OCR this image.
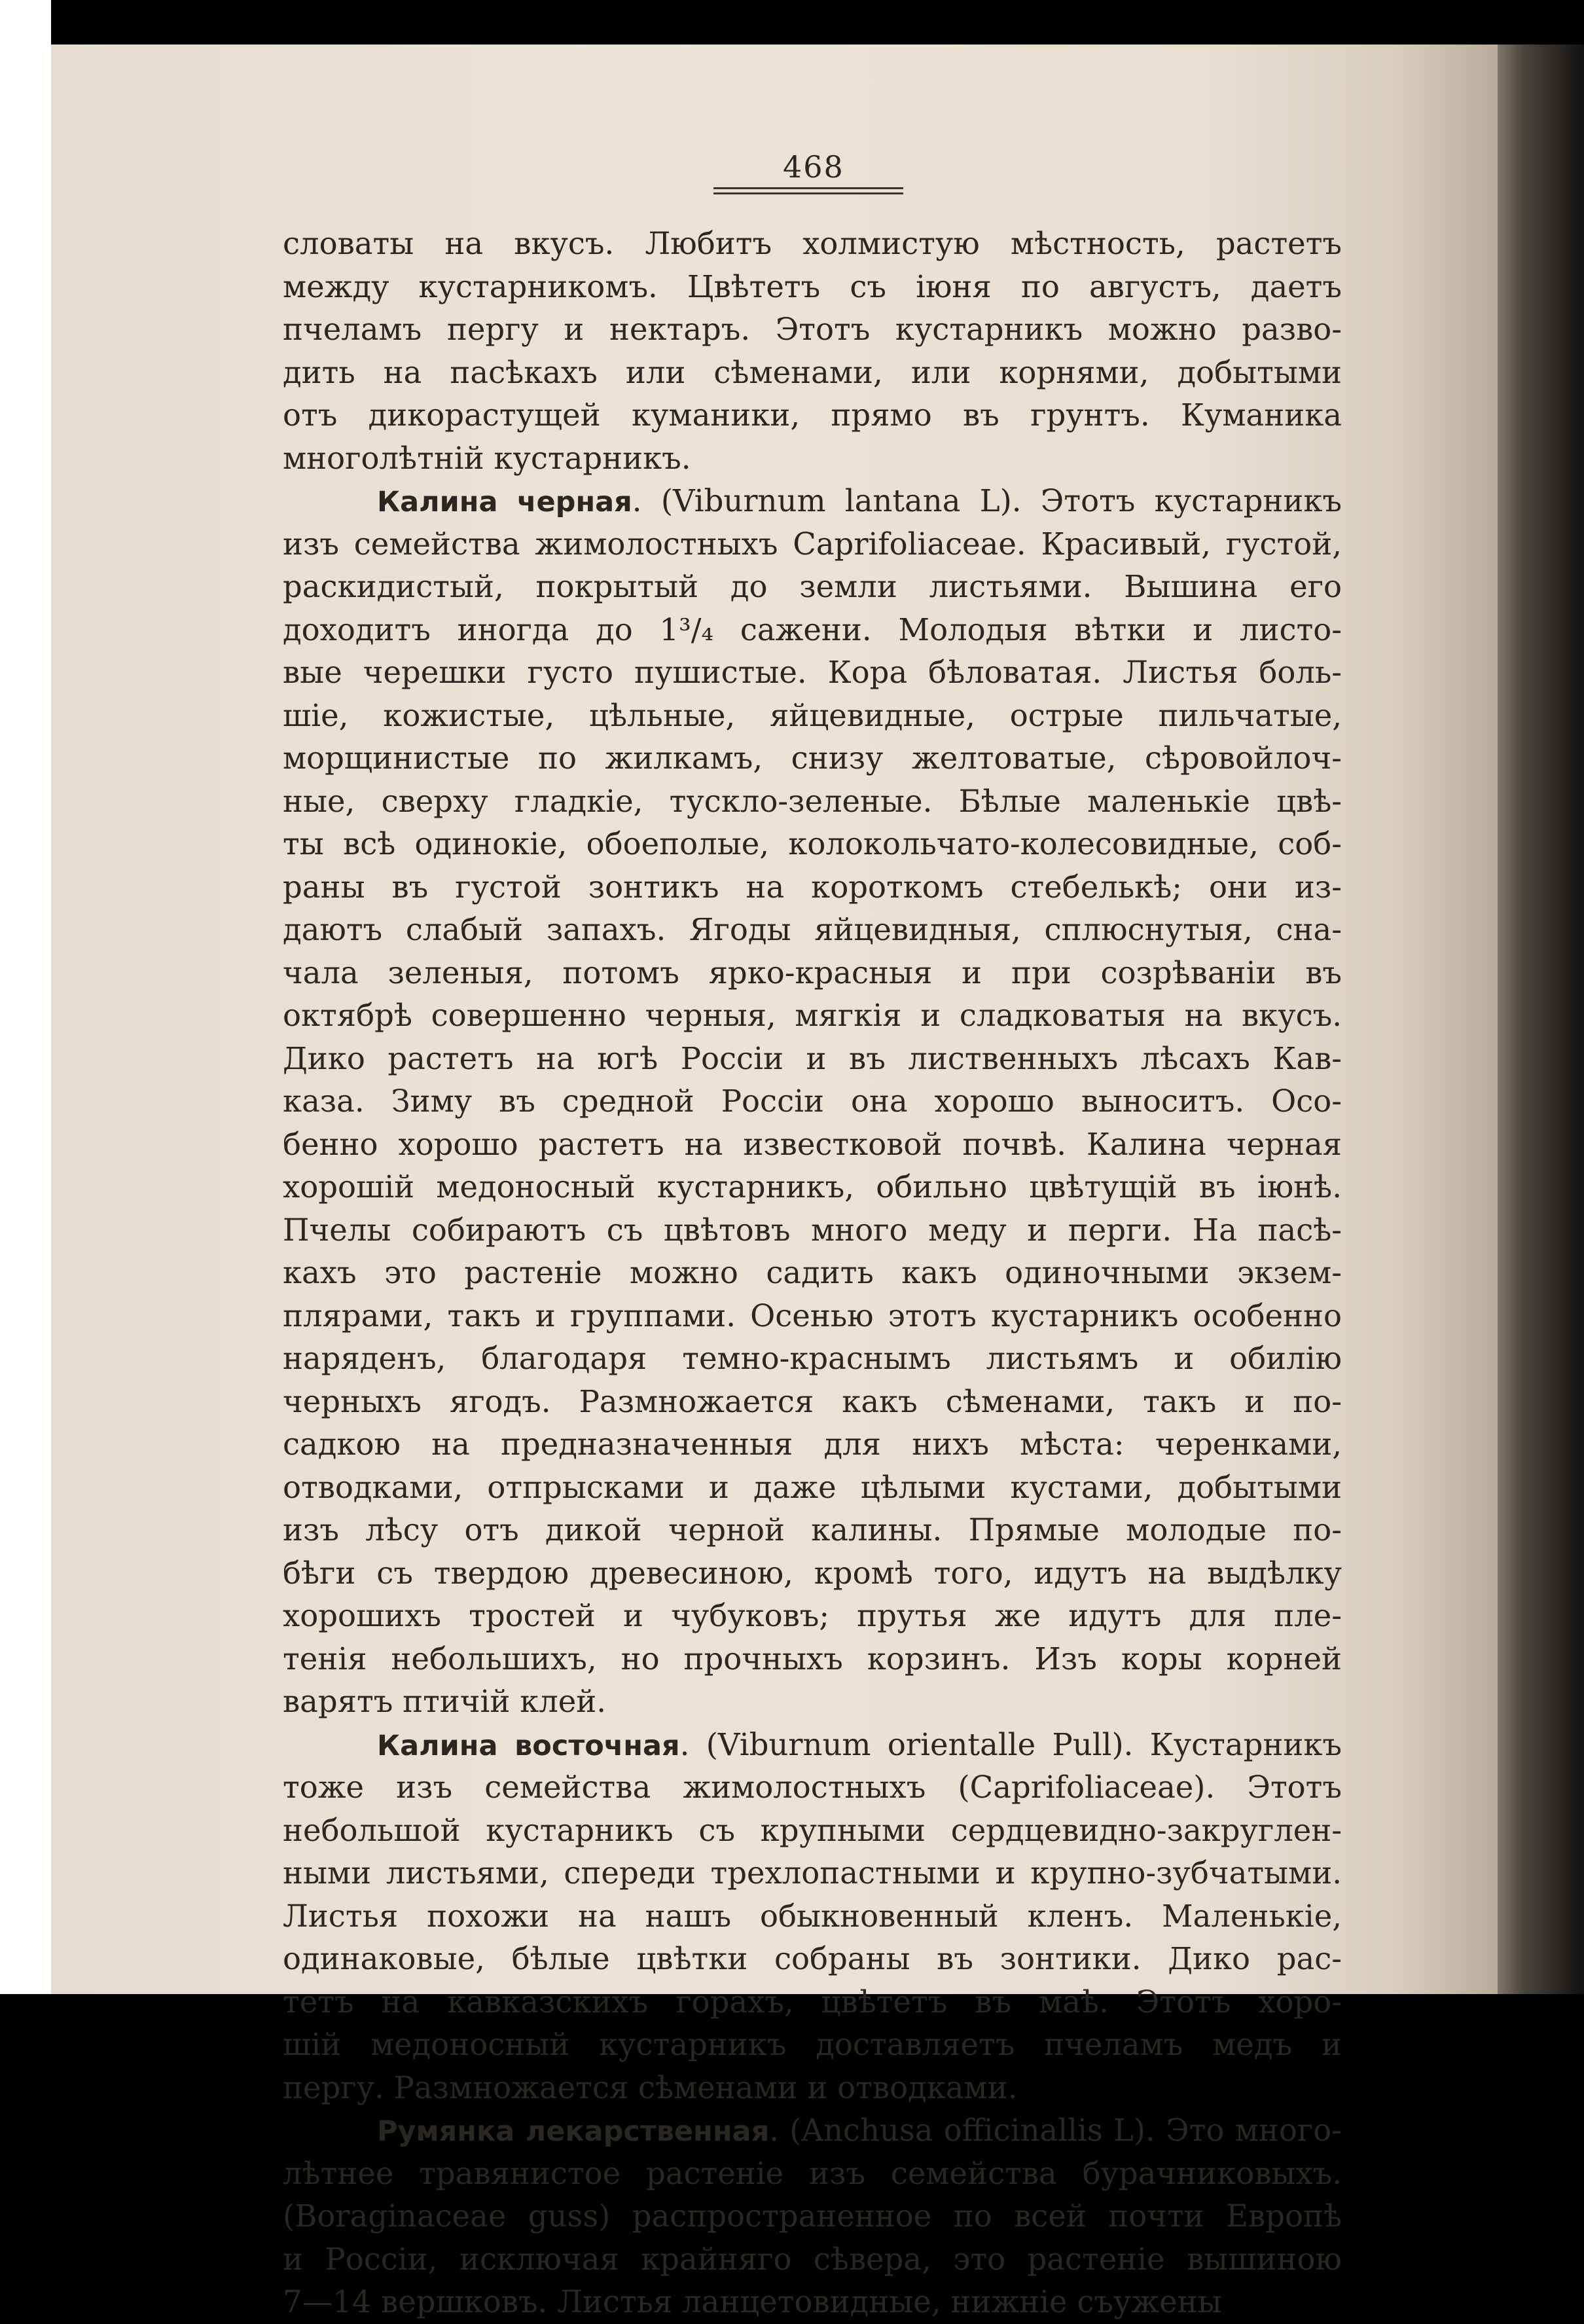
468
словаты на вкусъ. Любитъ холмистую мѣстность, растетъ
между кустарникомъ. Цвѣтетъ съ іюня по августъ, даетъ
пчеламъ пергу и нектаръ. Этотъ кустарникъ можно разво-
дить на пасѣкахъ или сѣменами, или корнями, добытыми
отъ дикорастущей куманики, прямо въ грунтъ. Куманика
многолѣтній кустарникъ.
Калина черная. (Viburnum lantana L). Этотъ кустарникъ
изъ семейства жимолостныхъ Caprifoliaceae. Красивый, густой,
раскидистый, покрытый до земли листьями. Вышина его
доходитъ иногда до 1³/₄ сажени. Молодыя вѣтки и листо-
вые черешки густо пушистые. Кора бѣловатая. Листья боль-
шіе, кожистые, цѣльные, яйцевидные, острые пильчатые,
морщинистые по жилкамъ, снизу желтоватые, сѣровойлоч-
ные, сверху гладкіе, тускло-зеленые. Бѣлые маленькіе цвѣ-
ты всѣ одинокіе, обоеполые, колокольчато-колесовидные, соб-
раны въ густой зонтикъ на короткомъ стебелькѣ; они из-
даютъ слабый запахъ. Ягоды яйцевидныя, сплюснутыя, сна-
чала зеленыя, потомъ ярко-красныя и при созрѣваніи въ
октябрѣ совершенно черныя, мягкія и сладковатыя на вкусъ.
Дико растетъ на югѣ Россіи и въ лиственныхъ лѣсахъ Кав-
каза. Зиму въ средной Россіи она хорошо выноситъ. Осо-
бенно хорошо растетъ на известковой почвѣ. Калина черная
хорошій медоносный кустарникъ, обильно цвѣтущій въ іюнѣ.
Пчелы собираютъ съ цвѣтовъ много меду и перги. На пасѣ-
кахъ это растеніе можно садить какъ одиночными экзем-
плярами, такъ и группами. Осенью этотъ кустарникъ особенно
наряденъ, благодаря темно-краснымъ листьямъ и обилію
черныхъ ягодъ. Размножается какъ сѣменами, такъ и по-
садкою на предназначенныя для нихъ мѣста: черенками,
отводками, отпрысками и даже цѣлыми кустами, добытыми
изъ лѣсу отъ дикой черной калины. Прямые молодые по-
бѣги съ твердою древесиною, кромѣ того, идутъ на выдѣлку
хорошихъ тростей и чубуковъ; прутья же идутъ для пле-
тенія небольшихъ, но прочныхъ корзинъ. Изъ коры корней
варятъ птичій клей.
Калина восточная. (Viburnum orientalle Pull). Кустарникъ
тоже изъ семейства жимолостныхъ (Caprifoliaceae). Этотъ
небольшой кустарникъ съ крупными сердцевидно-закруглен-
ными листьями, спереди трехлопастными и крупно-зубчатыми.
Листья похожи на нашъ обыкновенный кленъ. Маленькіе,
одинаковые, бѣлые цвѣтки собраны въ зонтики. Дико рас-
тетъ на кавказскихъ горахъ, цвѣтетъ въ маѣ. Этотъ хоро-
шій медоносный кустарникъ доставляетъ пчеламъ медъ и
пергу. Размножается сѣменами и отводками.
Румянка лекарственная. (Anchusa officinallis L). Это много-
лѣтнее травянистое растеніе изъ семейства бурачниковыхъ.
(Boraginaceae guss) распространенное по всей почти Европѣ
и Россіи, исключая крайняго сѣвера, это растеніе вышиною
7—14 вершковъ. Листья ланцетовидные, нижніе съужены
